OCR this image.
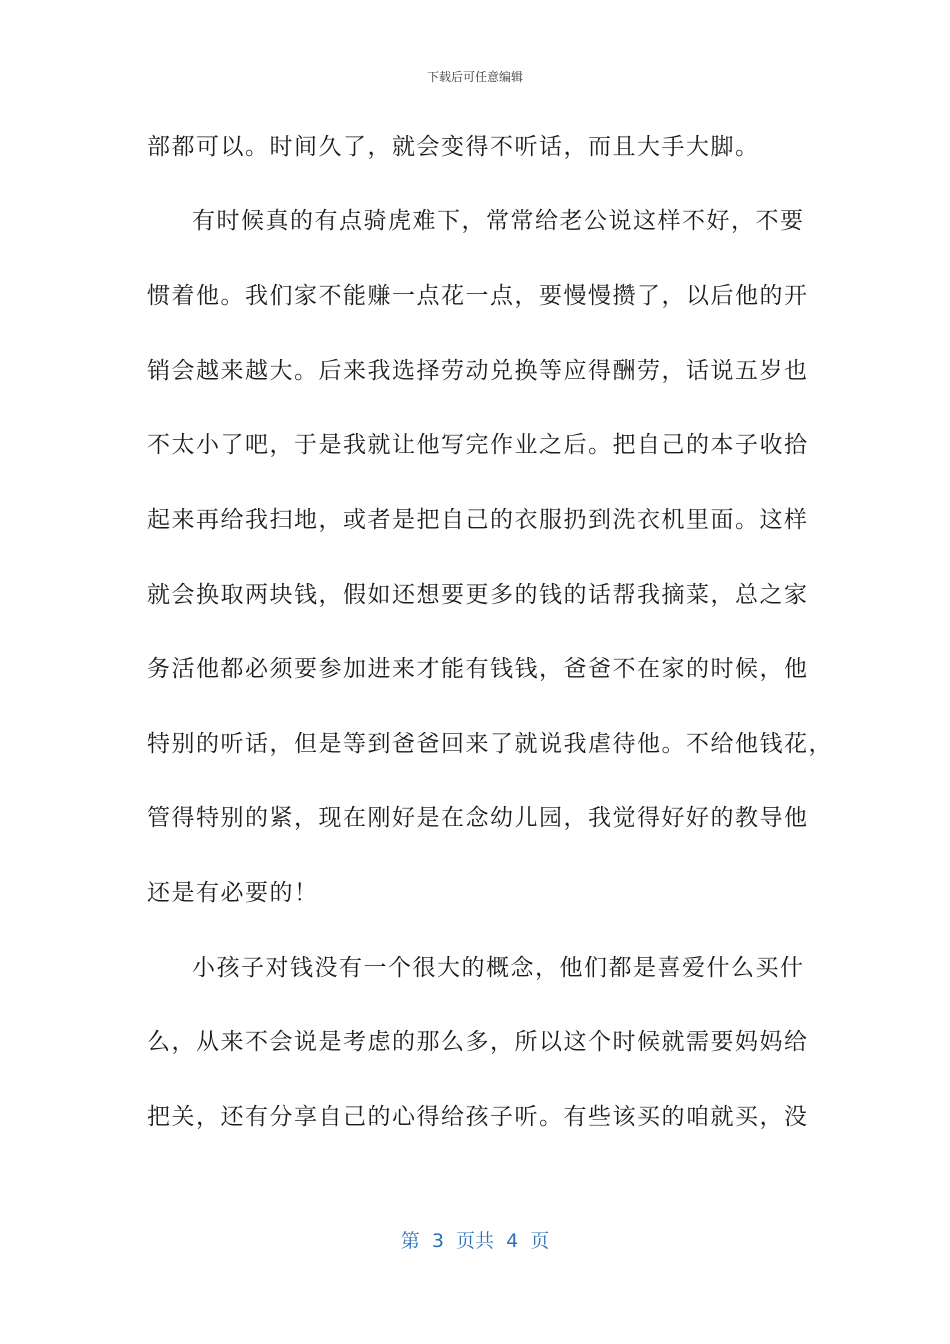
下载后可任意编辑
部都可以。时间久了，就会变得不听话，而且大手大脚。
有时候真的有点骑虎难下，常常给老公说这样不好，不要
惯着他。我们家不能赚一点花一点，要慢慢攒了，以后他的开
销会越来越大。后来我选择劳动兑换等应得酬劳，话说五岁也
不太小了吧，于是我就让他写完作业之后。把自己的本子收拾
起来再给我扫地，或者是把自己的衣服扔到洗衣机里面。这样
就会换取两块钱，假如还想要更多的钱的话帮我摘菜，总之家
务活他都必须要参加进来才能有钱钱，爸爸不在家的时候，他
特别的听话，但是等到爸爸回来了就说我虐待他。不给他钱花，
管得特别的紧，现在刚好是在念幼儿园，我觉得好好的教导他
还是有必要的！
小孩子对钱没有一个很大的概念，他们都是喜爱什么买什
么，从来不会说是考虑的那么多，所以这个时候就需要妈妈给
把关，还有分享自己的心得给孩子听。有些该买的咱就买，没
第  3  页共  4  页
